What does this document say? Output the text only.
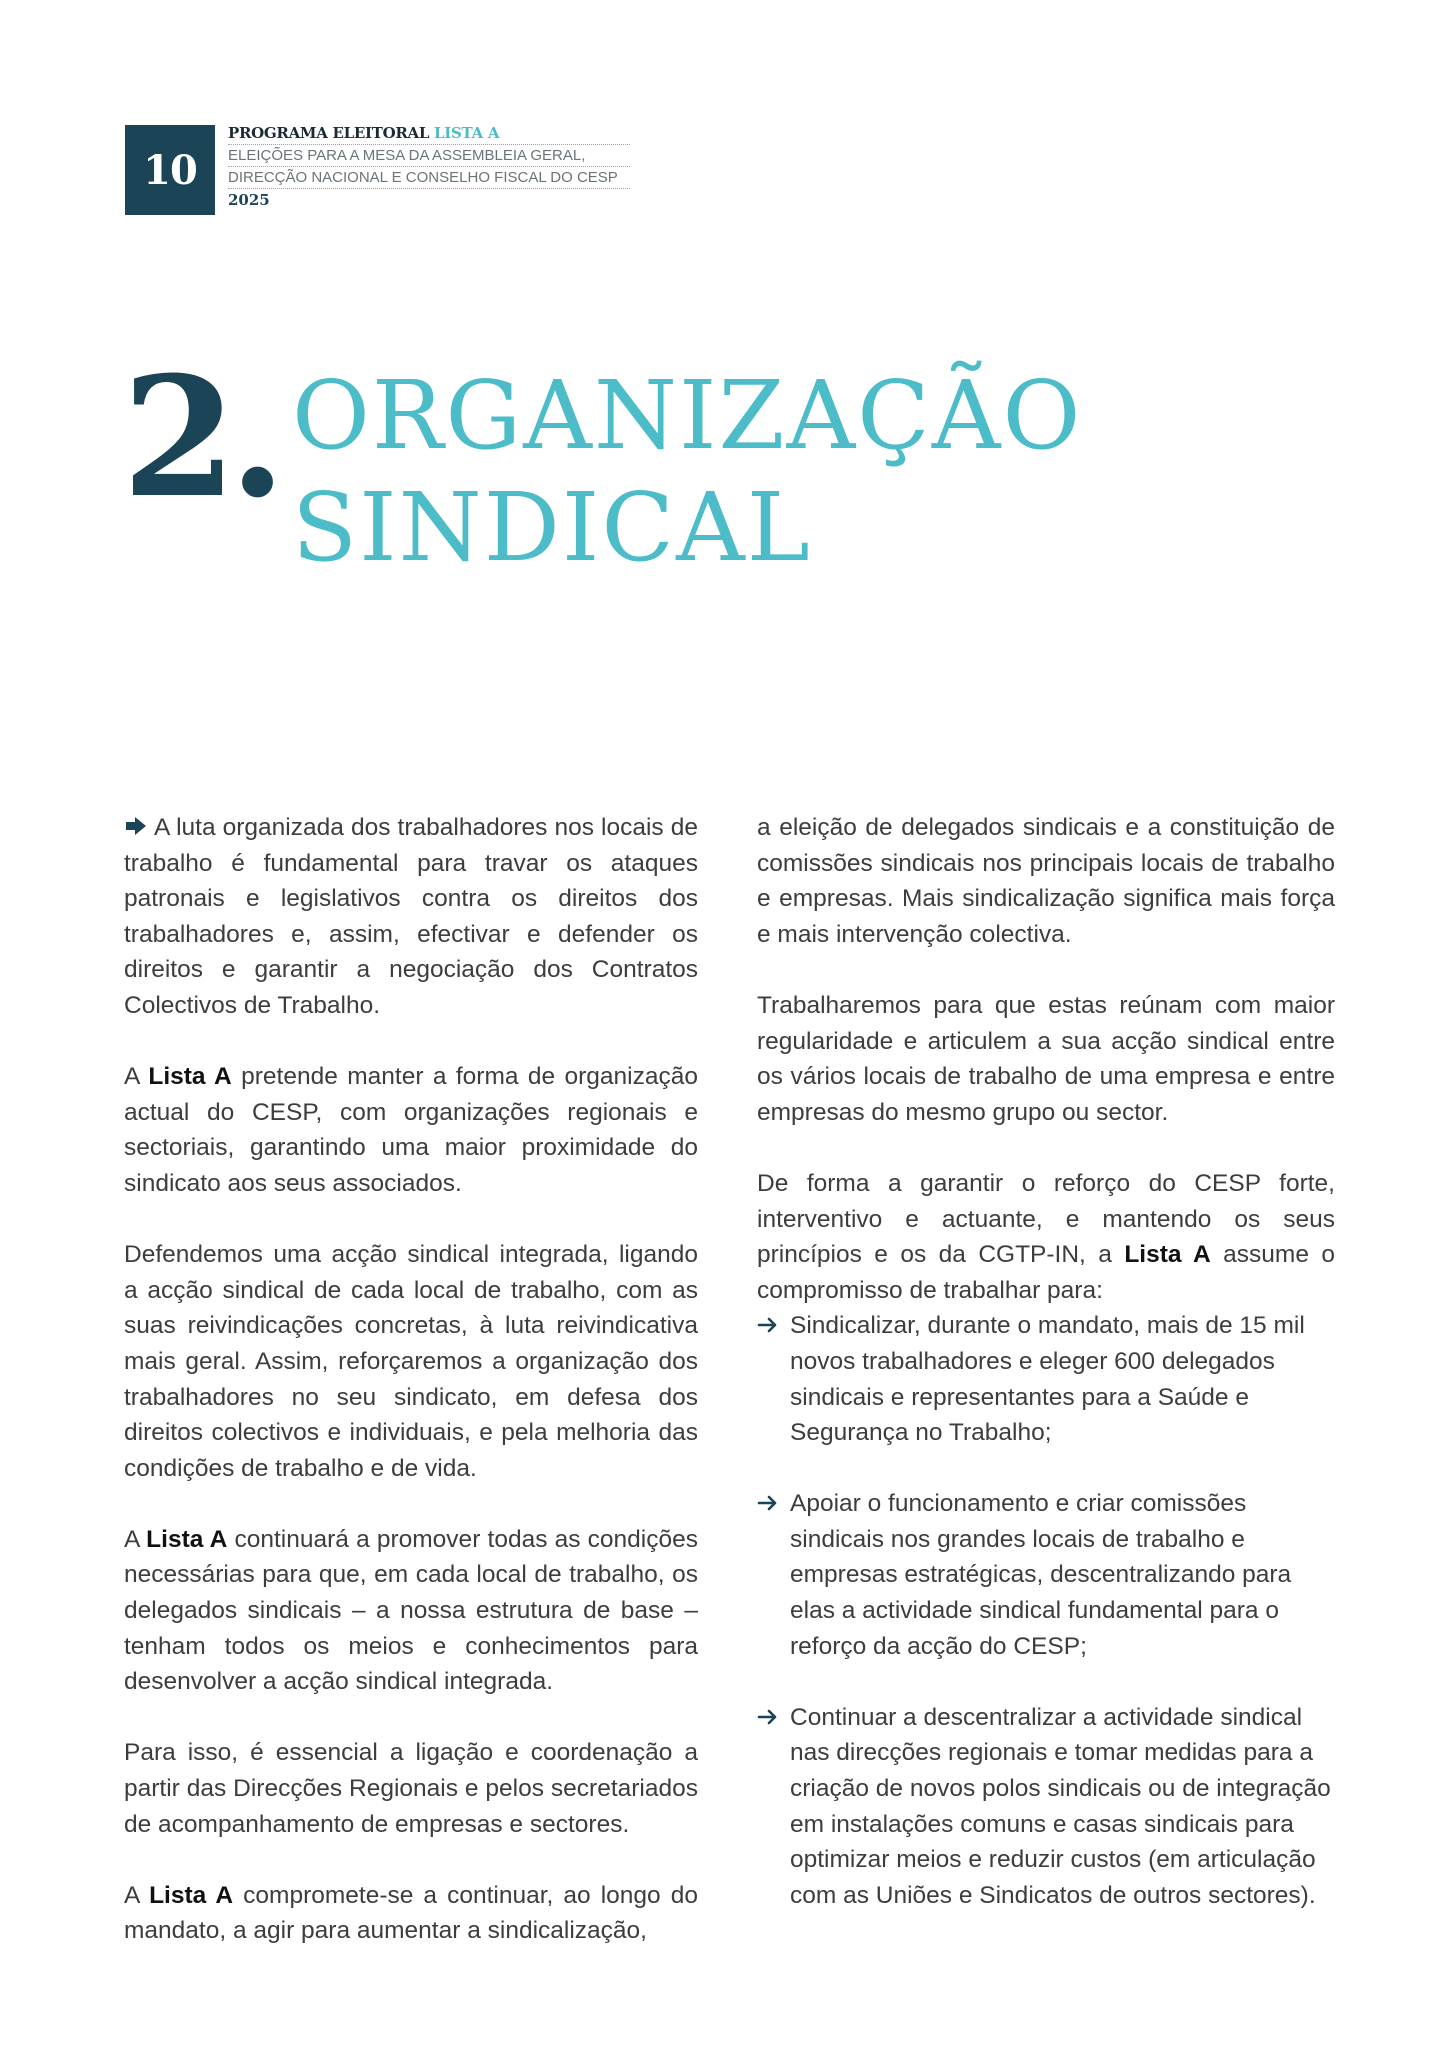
10
PROGRAMA ELEITORAL LISTA A
ELEIÇÕES PARA A MESA DA ASSEMBLEIA GERAL,
DIRECÇÃO NACIONAL E CONSELHO FISCAL DO CESP
2025
2. ORGANIZAÇÃO
SINDICAL

A luta organizada dos trabalhadores nos locais de trabalho é fundamental para travar os ataques patronais e legislativos contra os direitos dos trabalhadores e, assim, efectivar e defender os direitos e garantir a negociação dos Contratos Colectivos de Trabalho.

A Lista A pretende manter a forma de organização actual do CESP, com organizações regionais e sectoriais, garantindo uma maior proximidade do sindicato aos seus associados.

Defendemos uma acção sindical integrada, ligando a acção sindical de cada local de trabalho, com as suas reivindicações concretas, à luta reivindicativa mais geral. Assim, reforçaremos a organização dos trabalhadores no seu sindicato, em defesa dos direitos colectivos e individuais, e pela melhoria das condições de trabalho e de vida.

A Lista A continuará a promover todas as condições necessárias para que, em cada local de trabalho, os delegados sindicais – a nossa estrutura de base – tenham todos os meios e conhecimentos para desenvolver a acção sindical integrada.

Para isso, é essencial a ligação e coordenação a partir das Direcções Regionais e pelos secretariados de acompanhamento de empresas e sectores.

A Lista A compromete-se a continuar, ao longo do mandato, a agir para aumentar a sindicalização,

a eleição de delegados sindicais e a constituição de comissões sindicais nos principais locais de trabalho e empresas. Mais sindicalização significa mais força e mais intervenção colectiva.

Trabalharemos para que estas reúnam com maior regularidade e articulem a sua acção sindical entre os vários locais de trabalho de uma empresa e entre empresas do mesmo grupo ou sector.

De forma a garantir o reforço do CESP forte, interventivo e actuante, e mantendo os seus princípios e os da CGTP-IN, a Lista A assume o compromisso de trabalhar para:

Sindicalizar, durante o mandato, mais de 15 mil novos trabalhadores e eleger 600 delegados sindicais e representantes para a Saúde e Segurança no Trabalho;
Apoiar o funcionamento e criar comissões sindicais nos grandes locais de trabalho e empresas estratégicas, descentralizando para elas a actividade sindical fundamental para o reforço da acção do CESP;
Continuar a descentralizar a actividade sindical nas direcções regionais e tomar medidas para a criação de novos polos sindicais ou de integração em instalações comuns e casas sindicais para optimizar meios e reduzir custos (em articulação com as Uniões e Sindicatos de outros sectores).
